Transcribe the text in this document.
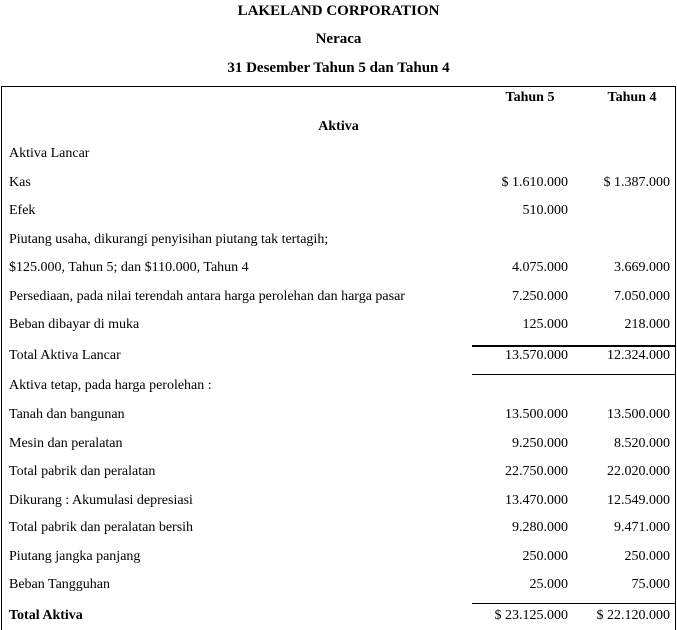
LAKELAND CORPORATION
Neraca
31 Desember Tahun 5 dan Tahun 4
Tahun 5	Tahun 4
Aktiva
Aktiva Lancar
Kas	$ 1.610.000	$ 1.387.000
Efek	510.000
Piutang usaha, dikurangi penyisihan piutang tak tertagih;
$125.000, Tahun 5; dan $110.000, Tahun 4	4.075.000	3.669.000
Persediaan, pada nilai terendah antara harga perolehan dan harga pasar	7.250.000	7.050.000
Beban dibayar di muka	125.000	218.000
Total Aktiva Lancar	13.570.000	12.324.000
Aktiva tetap, pada harga perolehan :
Tanah dan bangunan	13.500.000	13.500.000
Mesin dan peralatan	9.250.000	8.520.000
Total pabrik dan peralatan	22.750.000	22.020.000
Dikurang : Akumulasi depresiasi	13.470.000	12.549.000
Total pabrik dan peralatan bersih	9.280.000	9.471.000
Piutang jangka panjang	250.000	250.000
Beban Tangguhan	25.000	75.000
Total Aktiva	$ 23.125.000 $ 22.120.000
